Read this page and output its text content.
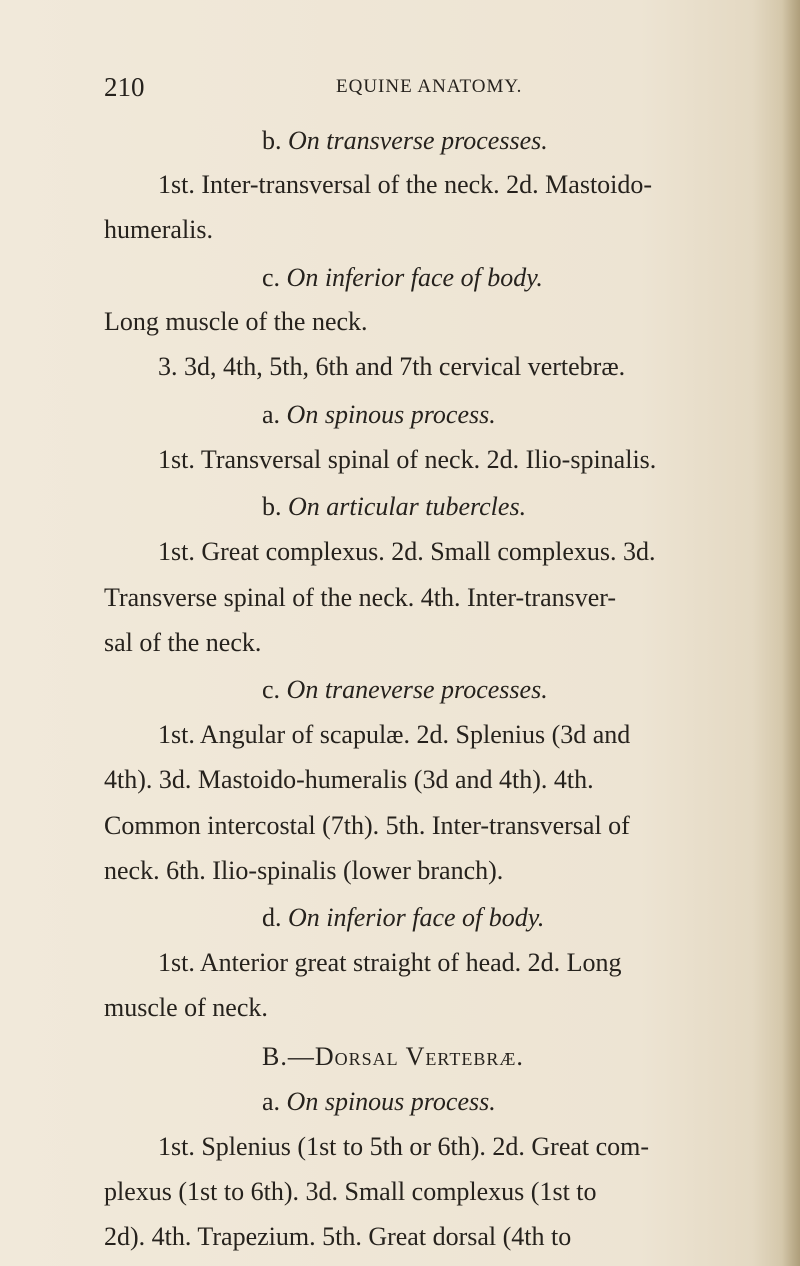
210	EQUINE ANATOMY.
b. On transverse processes.
1st. Inter-transversal of the neck. 2d. Mastoido-
humeralis.
c. On inferior face of body.
Long muscle of the neck.
3. 3d, 4th, 5th, 6th and 7th cervical vertebræ.
a. On spinous process.
1st. Transversal spinal of neck. 2d. Ilio-spinalis.
b. On articular tubercles.
1st. Great complexus. 2d. Small complexus. 3d.
Transverse spinal of the neck. 4th. Inter-transver-
sal of the neck.
c. On traneverse processes.
1st. Angular of scapulæ. 2d. Splenius (3d and
4th). 3d. Mastoido-humeralis (3d and 4th). 4th.
Common intercostal (7th). 5th. Inter-transversal of
neck. 6th. Ilio-spinalis (lower branch).
d. On inferior face of body.
1st. Anterior great straight of head. 2d. Long
muscle of neck.
B.—Dorsal Vertebræ.
a. On spinous process.
1st. Splenius (1st to 5th or 6th). 2d. Great com-
plexus (1st to 6th). 3d. Small complexus (1st to
2d). 4th. Trapezium. 5th. Great dorsal (4th to
